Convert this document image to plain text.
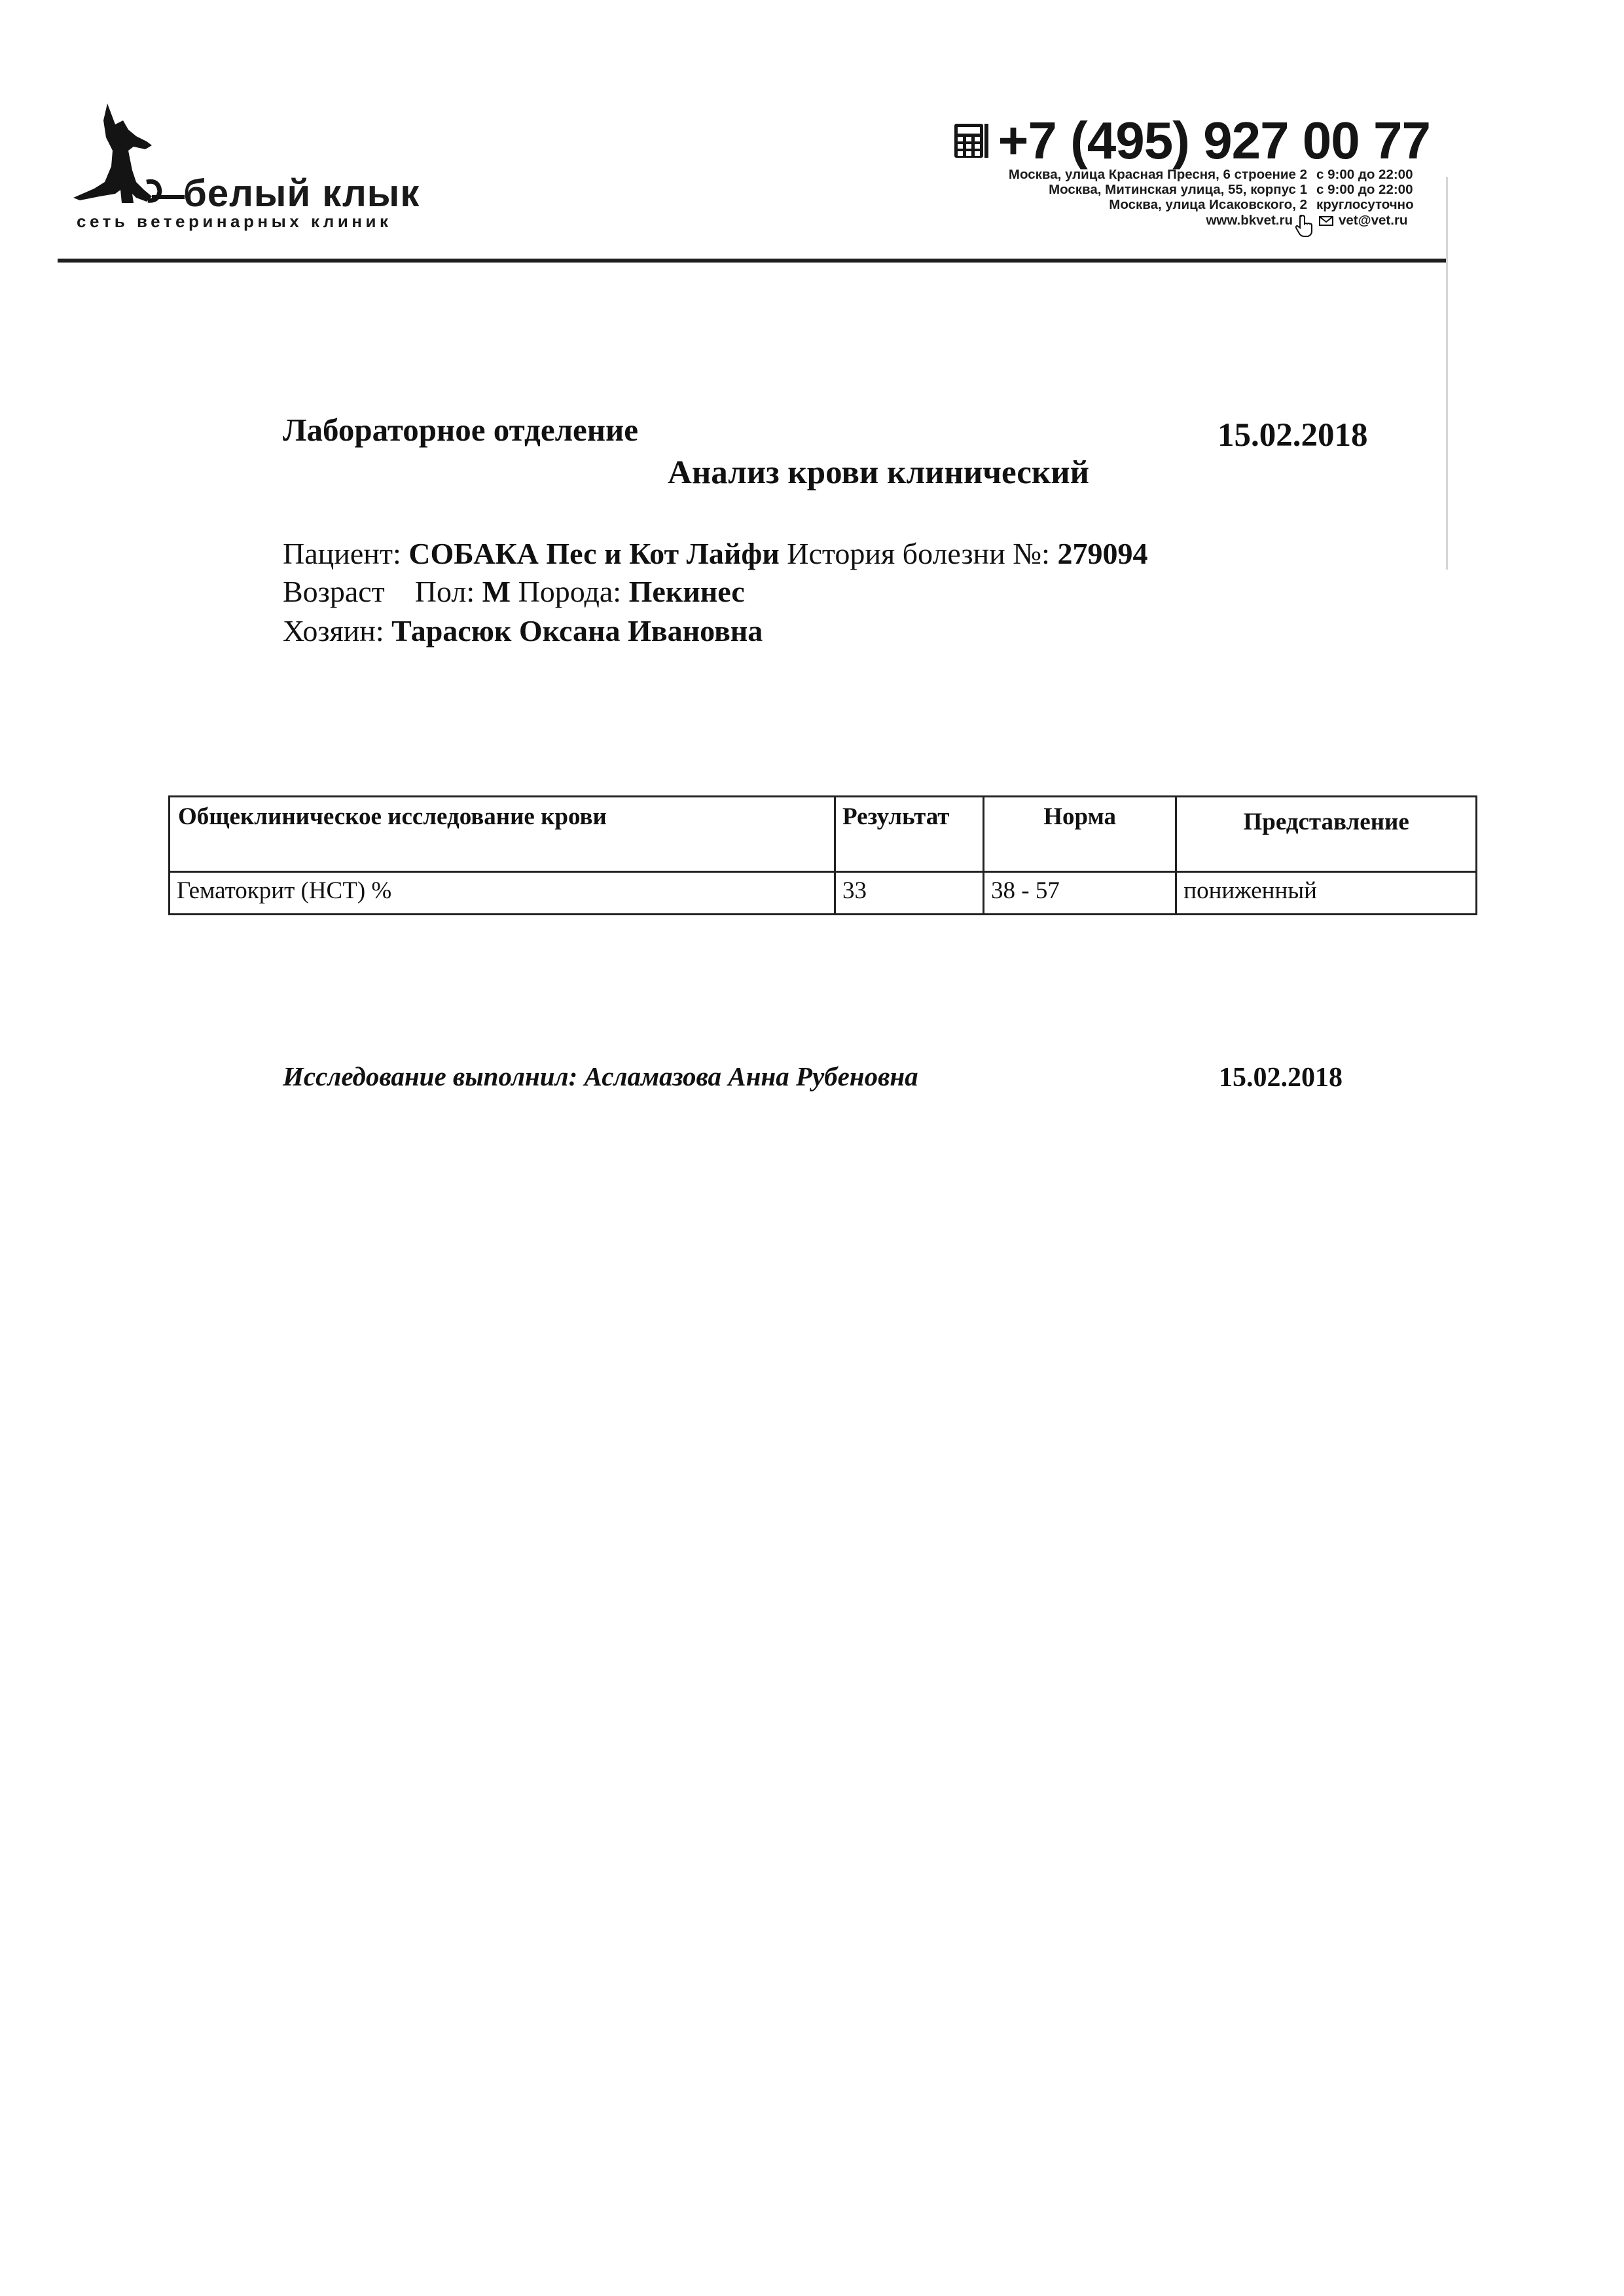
белый клык
сеть ветеринарных клиник
+7 (495) 927 00 77
Москва, улица Красная Пресня, 6 строение 2 с 9:00 до 22:00
Москва, Митинская улица, 55, корпус 1 с 9:00 до 22:00
Москва, улица Исаковского, 2 круглосуточно
www.bkvet.ru	vet@vet.ru
Лабораторное отделение	15.02.2018
Анализ крови клинический
Пациент: СОБАКА Пес и Кот Лайфи История болезни №: 279094
Возраст Пол: М Порода: Пекинес
Хозяин: Тарасюк Оксана Ивановна
Общеклиническое исследование крови	Результат	Норма	Представление
Гематокрит (HCT) %	33	38 - 57	пониженный
Исследование выполнил: Асламазова Анна Рубеновна	15.02.2018
